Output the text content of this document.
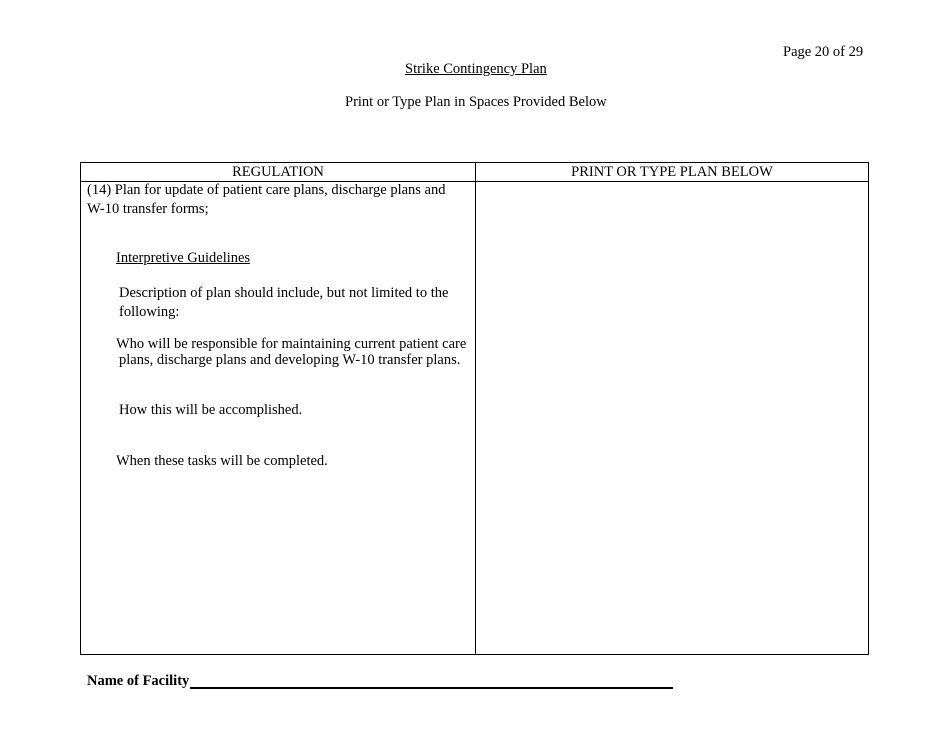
Page 20 of 29
Strike Contingency Plan
Print or Type Plan in Spaces Provided Below
REGULATION	PRINT OR TYPE PLAN BELOW
(14) Plan for update of patient care plans, discharge plans and
W-10 transfer forms;
Interpretive Guidelines
Description of plan should include, but not limited to the
following:
Who will be responsible for maintaining current patient care
plans, discharge plans and developing W-10 transfer plans.
How this will be accomplished.
When these tasks will be completed.
Name of Facility
